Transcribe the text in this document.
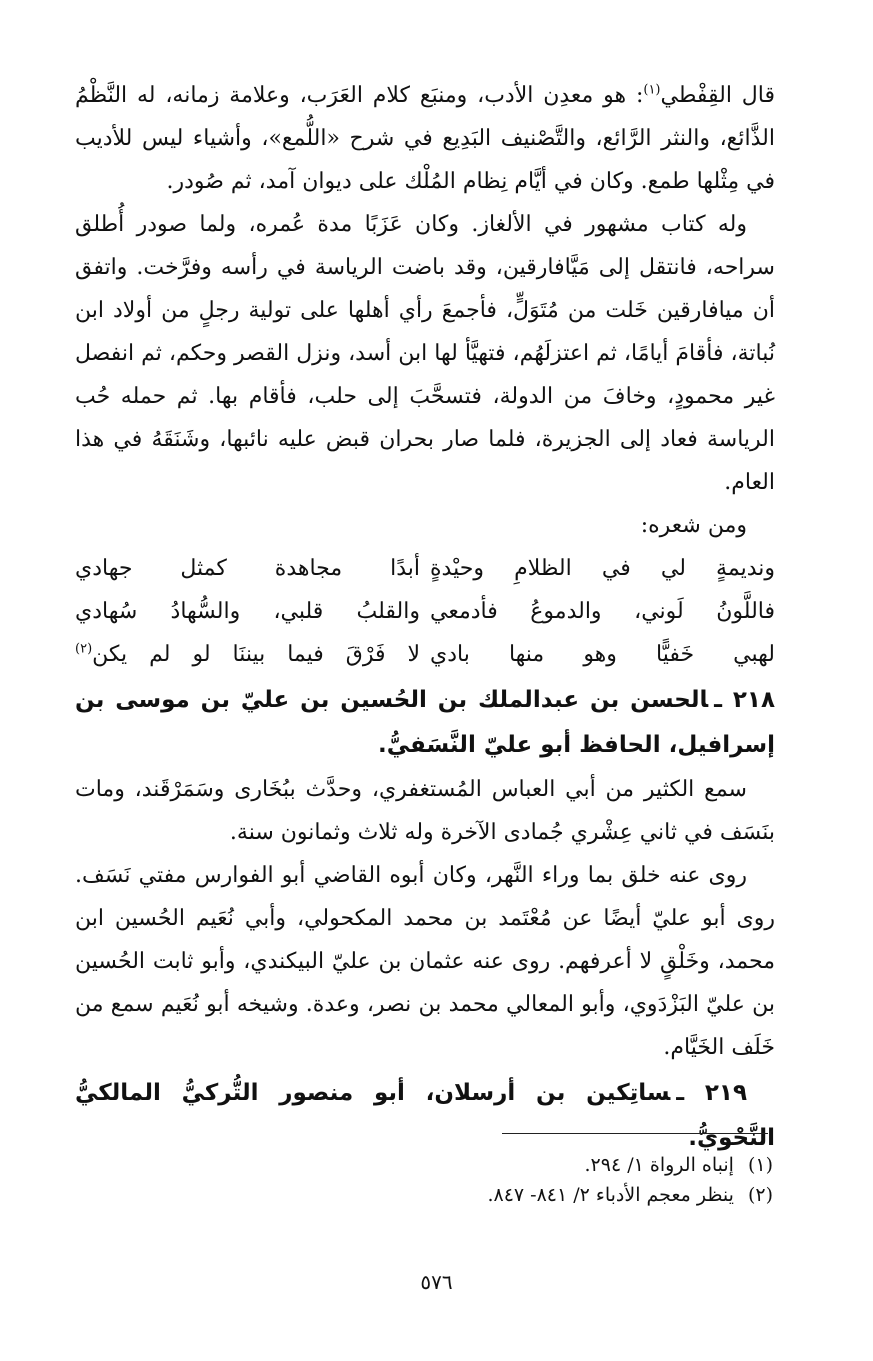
قال القِفْطي$^{(١)}$: هو معدِن الأدب، ومنبَع كلام العَرَب، وعلامة زمانه، له النَّظْمُ الذَّائع، والنثر الرَّائع، والتَّصْنيف البَدِيع في شرح «اللُّمع»، وأشياء ليس للأديب في مِثْلها طمع. وكان في أيَّام نِظام المُلْك على ديوان آمد، ثم صُودر.

وله كتاب مشهور في الألغاز. وكان عَزَبًا مدة عُمره، ولما صودر أُطلق سراحه، فانتقل إلى مَيَّافارقين، وقد باضت الرياسة في رأسه وفرَّخت. واتفق أن ميافارقين خَلت من مُتَوَلٍّ، فأجمعَ رأي أهلها على تولية رجلٍ من أولاد ابن نُباتة، فأقامَ أيامًا، ثم اعتزلَهُم، فتهيَّأ لها ابن أسد، ونزل القصر وحكم، ثم انفصل غير محمودٍ، وخافَ من الدولة، فتسحَّبَ إلى حلب، فأقام بها. ثم حمله حُب الرياسة فعاد إلى الجزيرة، فلما صار بحران قبض عليه نائبها، وشَنَقَهُ في هذا العام.

ومن شعره:

ونديمةٍ لي في الظلامِ وحيْدةٍ
أبدًا مجاهدة كمثل جهادي
فاللَّونُ لَوني، والدموعُ فأدمعي
والقلبُ قلبي، والسُّهادُ سُهادي
لهبي خَفيًّا وهو منها بادي
لا فَرْقَ فيما بيننَا لو لم يكن$^{(٢)}$

٢١٨ ـالحسن بن عبدالملك بن الحُسين بن عليّ بن موسى بن إسرافيل، الحافظ أبو عليّ النَّسَفيُّ.

سمع الكثير من أبي العباس المُستغفري، وحدَّث ببُخَارى وسَمَرْقَند، ومات بنَسَف في ثاني عِشْري جُمادى الآخرة وله ثلاث وثمانون سنة.

روى عنه خلق بما وراء النَّهر، وكان أبوه القاضي أبو الفوارس مفتي نَسَف. روى أبو عليّ أيضًا عن مُعْتَمد بن محمد المكحولي، وأبي نُعَيم الحُسين ابن محمد، وخَلْقٍ لا أعرفهم. روى عنه عثمان بن عليّ البيكندي، وأبو ثابت الحُسين بن عليّ البَزْدَوي، وأبو المعالي محمد بن نصر، وعدة. وشيخه أبو نُعَيم سمع من خَلَف الخَيَّام.

٢١٩ ـساتِكين بن أرسلان، أبو منصور التُّركيُّ المالكيُّ النَّحْويُّ.

(١)إنباه الرواة ١/ ٢٩٤.

(٢)ينظر معجم الأدباء ٢/ ٨٤١- ٨٤٧.

٥٧٦
